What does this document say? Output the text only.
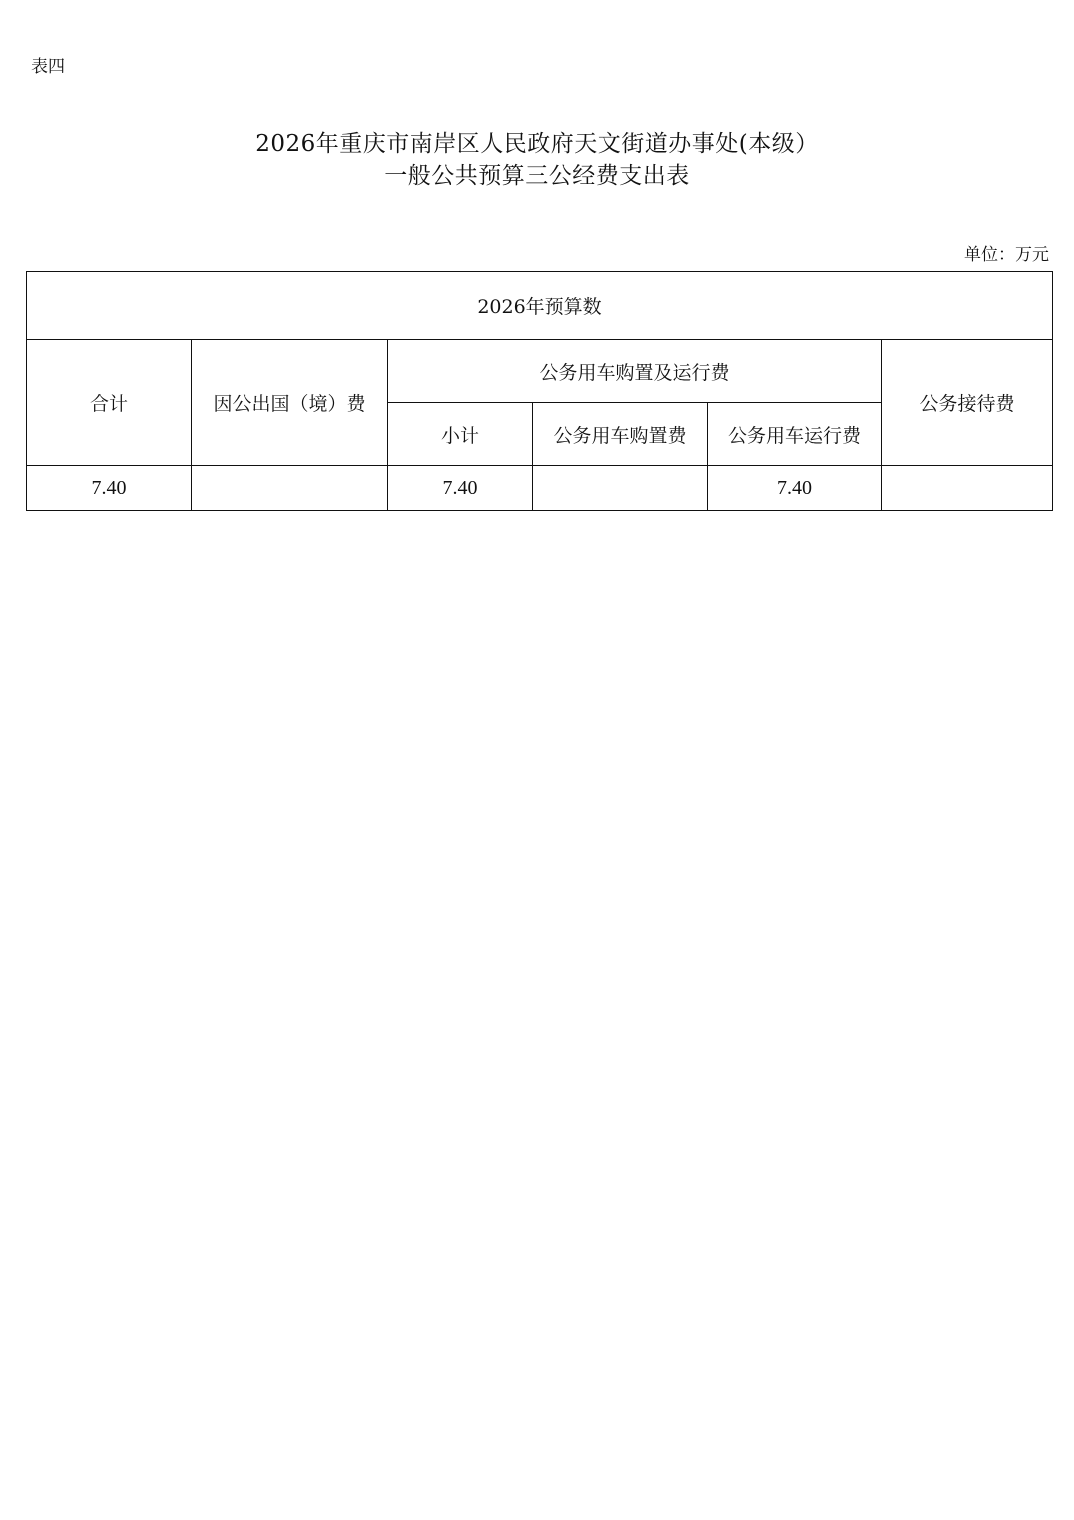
表四
2026年重庆市南岸区人民政府天文街道办事处(本级）
一般公共预算三公经费支出表
单位：万元
2026年预算数					
合计	因公出国（境）费	公务用车购置及运行费			公务接待费
		小计	公务用车购置费	公务用车运行费	
7.40		7.40		7.40	
